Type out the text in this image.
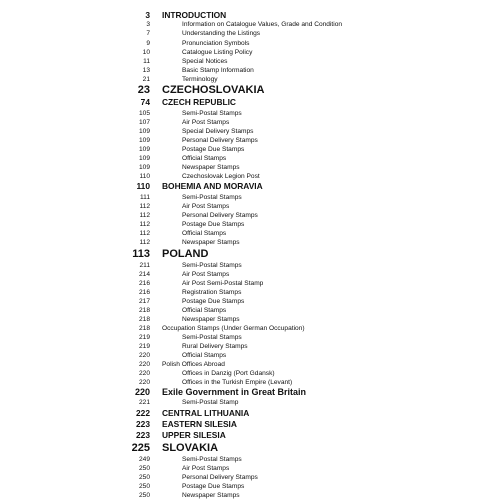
3 INTRODUCTION
3	Information on Catalogue Values, Grade and Condition
7	Understanding the Listings
9	Pronunciation Symbols
10	Catalogue Listing Policy
11	Special Notices
13	Basic Stamp Information
21	Terminology
23 CZECHOSLOVAKIA
74 CZECH REPUBLIC
105	Semi-Postal Stamps
107	Air Post Stamps
109	Special Delivery Stamps
109	Personal Delivery Stamps
109	Postage Due Stamps
109	Official Stamps
109	Newspaper Stamps
110	Czechoslovak Legion Post
110 BOHEMIA AND MORAVIA
111	Semi-Postal Stamps
112	Air Post Stamps
112	Personal Delivery Stamps
112	Postage Due Stamps
112	Official Stamps
112	Newspaper Stamps
113 POLAND
211	Semi-Postal Stamps
214	Air Post Stamps
216	Air Post Semi-Postal Stamp
216	Registration Stamps
217	Postage Due Stamps
218	Official Stamps
218	Newspaper Stamps
218 Occupation Stamps (Under German Occupation)
219	Semi-Postal Stamps
219	Rural Delivery Stamps
220	Official Stamps
220 Polish Offices Abroad
220	Offices in Danzig (Port Gdansk)
220	Offices in the Turkish Empire (Levant)
220 Exile Government in Great Britain
221	Semi-Postal Stamp
222 CENTRAL LITHUANIA
223 EASTERN SILESIA
223 UPPER SILESIA
225 SLOVAKIA
249	Semi-Postal Stamps
250	Air Post Stamps
250	Personal Delivery Stamps
250	Postage Due Stamps
250	Newspaper Stamps
